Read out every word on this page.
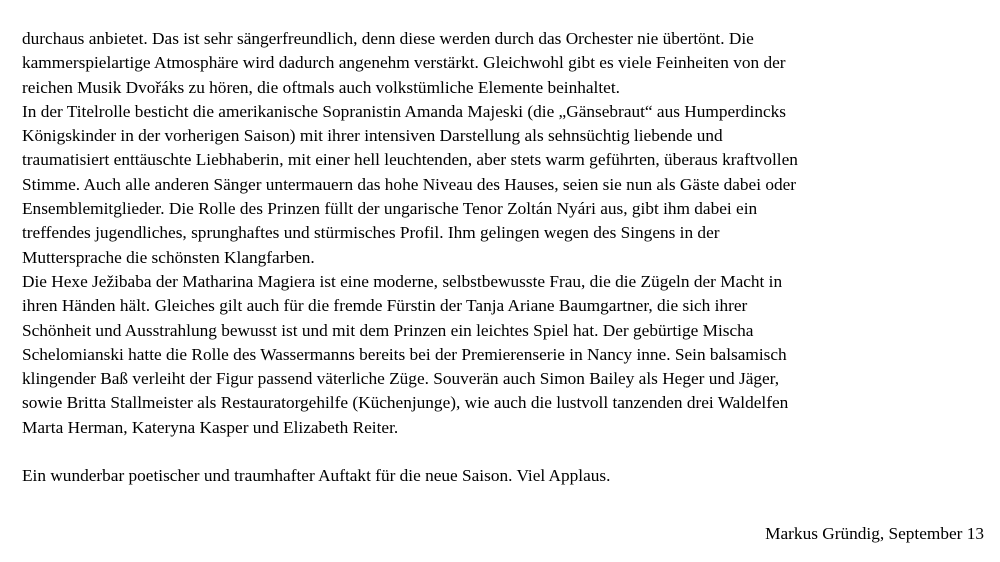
durchaus anbietet. Das ist sehr sängerfreundlich, denn diese werden durch das Orchester nie übertönt. Die
kammerspielartige Atmosphäre wird dadurch angenehm verstärkt. Gleichwohl gibt es viele Feinheiten von der
reichen Musik Dvořáks zu hören, die oftmals auch volkstümliche Elemente beinhaltet.
In der Titelrolle besticht die amerikanische Sopranistin Amanda Majeski (die „Gänsebraut“ aus Humperdincks
Königskinder in der vorherigen Saison) mit ihrer intensiven Darstellung als sehnsüchtig liebende und
traumatisiert enttäuschte Liebhaberin, mit einer hell leuchtenden, aber stets warm geführten, überaus kraftvollen
Stimme. Auch alle anderen Sänger untermauern das hohe Niveau des Hauses, seien sie nun als Gäste dabei oder
Ensemblemitglieder. Die Rolle des Prinzen füllt der ungarische Tenor Zoltán Nyári aus, gibt ihm dabei ein
treffendes jugendliches, sprunghaftes und stürmisches Profil. Ihm gelingen wegen des Singens in der
Muttersprache die schönsten Klangfarben.
Die Hexe Ježibaba der Matharina Magiera ist eine moderne, selbstbewusste Frau, die die Zügeln der Macht in
ihren Händen hält. Gleiches gilt auch für die fremde Fürstin der Tanja Ariane Baumgartner, die sich ihrer
Schönheit und Ausstrahlung bewusst ist und mit dem Prinzen ein leichtes Spiel hat. Der gebürtige Mischa
Schelomianski hatte die Rolle des Wassermanns bereits bei der Premierenserie in Nancy inne. Sein balsamisch
klingender Baß verleiht der Figur passend väterliche Züge. Souverän auch Simon Bailey als Heger und Jäger,
sowie Britta Stallmeister als Restauratorgehilfe (Küchenjunge), wie auch die lustvoll tanzenden drei Waldelfen
Marta Herman, Kateryna Kasper und Elizabeth Reiter.
Ein wunderbar poetischer und traumhafter Auftakt für die neue Saison. Viel Applaus.
Markus Gründig, September 13
